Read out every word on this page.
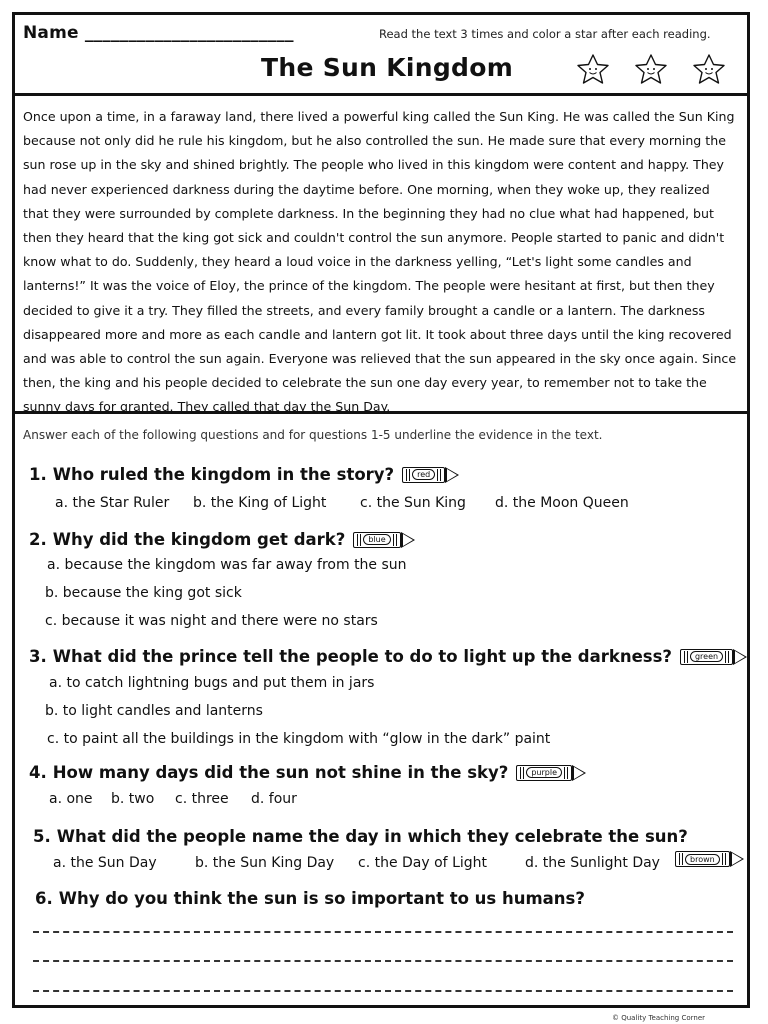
Name ________________________	Read the text 3 times and color a star after each reading.
The Sun Kingdom

Once upon a time, in a faraway land, there lived a powerful king called the Sun King. He was called the Sun King because not only did he rule his kingdom, but he also controlled the sun. He made sure that every morning the sun rose up in the sky and shined brightly. The people who lived in this kingdom were content and happy. They had never experienced darkness during the daytime before. One morning, when they woke up, they realized that they were surrounded by complete darkness. In the beginning they had no clue what had happened, but then they heard that the king got sick and couldn't control the sun anymore. People started to panic and didn't know what to do. Suddenly, they heard a loud voice in the darkness yelling, “Let's light some candles and lanterns!” It was the voice of Eloy, the prince of the kingdom. The people were hesitant at first, but then they decided to give it a try. They filled the streets, and every family brought a candle or a lantern. The darkness disappeared more and more as each candle and lantern got lit. It took about three days until the king recovered and was able to control the sun again. Everyone was relieved that the sun appeared in the sky once again. Since then, the king and his people decided to celebrate the sun one day every year, to remember not to take the sunny days for granted. They called that day the Sun Day.

Answer each of the following questions and for questions 1-5 underline the evidence in the text.
1. Who ruled the kingdom in the story?	red
a. the Star Ruler b. the King of Light c. the Sun King d. the Moon Queen
2. Why did the kingdom get dark?	blue
a. because the kingdom was far away from the sun
b. because the king got sick
c. because it was night and there were no stars
3. What did the prince tell the people to do to light up the darkness?	green
a. to catch lightning bugs and put them in jars
b. to light candles and lanterns
c. to paint all the buildings in the kingdom with “glow in the dark” paint
4. How many days did the sun not shine in the sky?	purple
a. one b. two c. three d. four
5. What did the people name the day in which they celebrate the sun?
a. the Sun Day	b. the Sun King Day c. the Day of Light	d. the Sunlight Day	brown
6. Why do you think the sun is so important to us humans?
© Quality Teaching Corner
